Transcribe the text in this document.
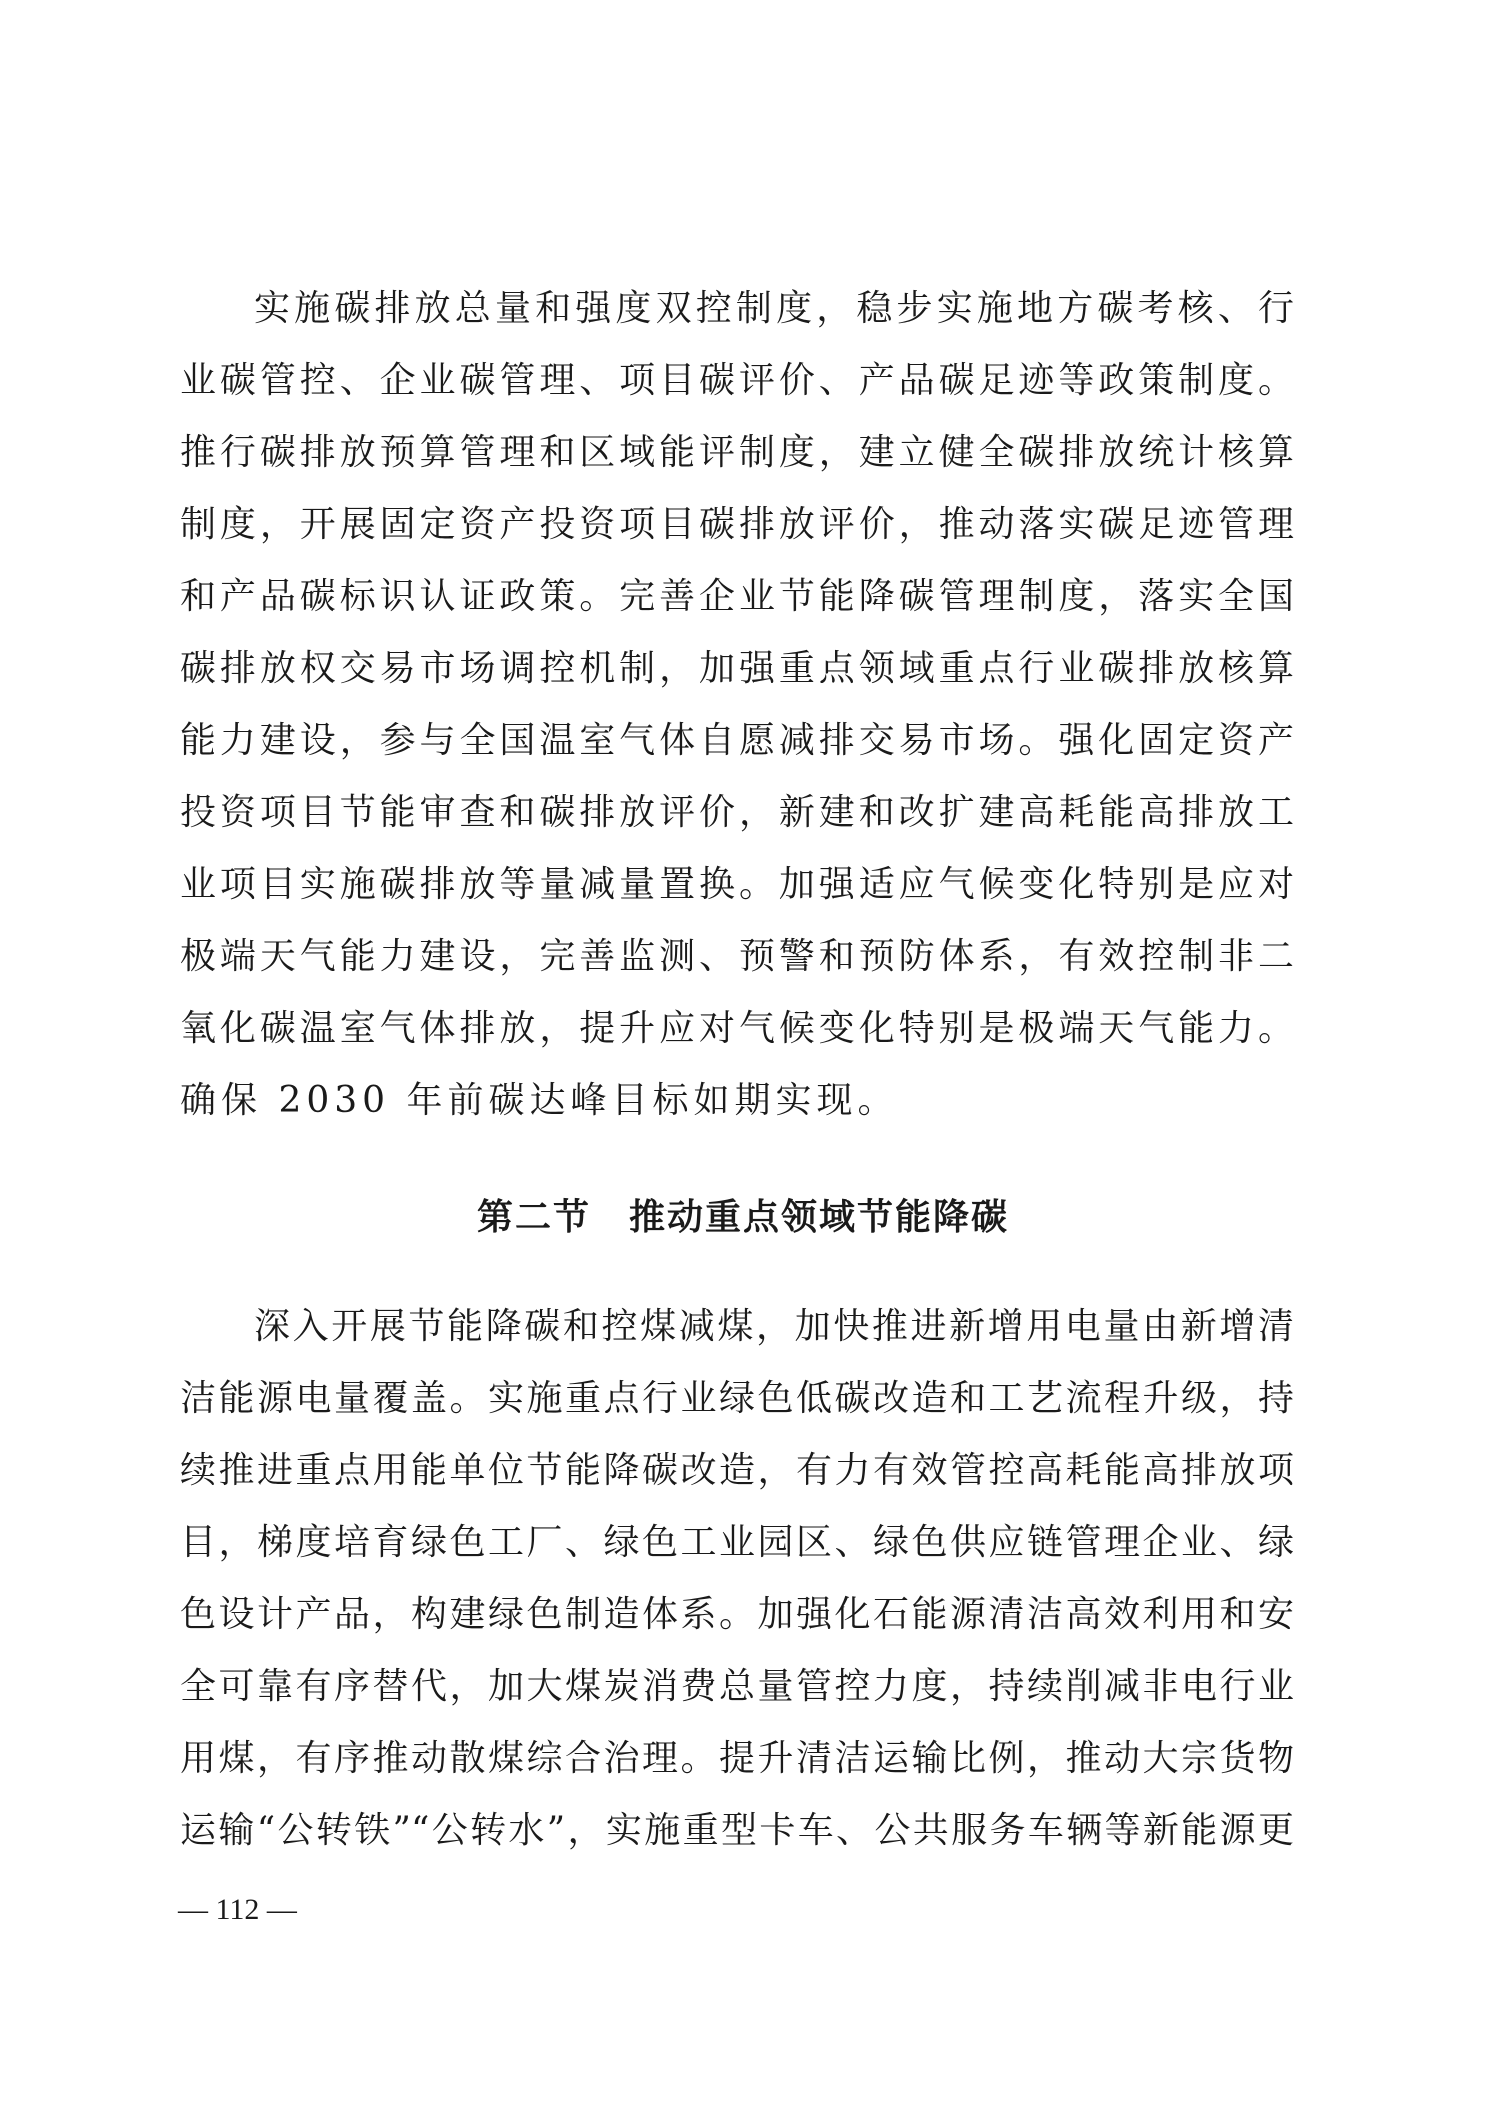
实施碳排放总量和强度双控制度，稳步实施地方碳考核、行
业碳管控、企业碳管理、项目碳评价、产品碳足迹等政策制度。
推行碳排放预算管理和区域能评制度，建立健全碳排放统计核算
制度，开展固定资产投资项目碳排放评价，推动落实碳足迹管理
和产品碳标识认证政策。完善企业节能降碳管理制度，落实全国
碳排放权交易市场调控机制，加强重点领域重点行业碳排放核算
能力建设，参与全国温室气体自愿减排交易市场。强化固定资产
投资项目节能审查和碳排放评价，新建和改扩建高耗能高排放工
业项目实施碳排放等量减量置换。加强适应气候变化特别是应对
极端天气能力建设，完善监测、预警和预防体系，有效控制非二
氧化碳温室气体排放，提升应对气候变化特别是极端天气能力。
确保 2030 年前碳达峰目标如期实现。
第二节　推动重点领域节能降碳
深入开展节能降碳和控煤减煤，加快推进新增用电量由新增清
洁能源电量覆盖。实施重点行业绿色低碳改造和工艺流程升级，持
续推进重点用能单位节能降碳改造，有力有效管控高耗能高排放项
目，梯度培育绿色工厂、绿色工业园区、绿色供应链管理企业、绿
色设计产品，构建绿色制造体系。加强化石能源清洁高效利用和安
全可靠有序替代，加大煤炭消费总量管控力度，持续削减非电行业
用煤，有序推动散煤综合治理。提升清洁运输比例，推动大宗货物
运输“公转铁”“公转水”，实施重型卡车、公共服务车辆等新能源更
— 112 —
